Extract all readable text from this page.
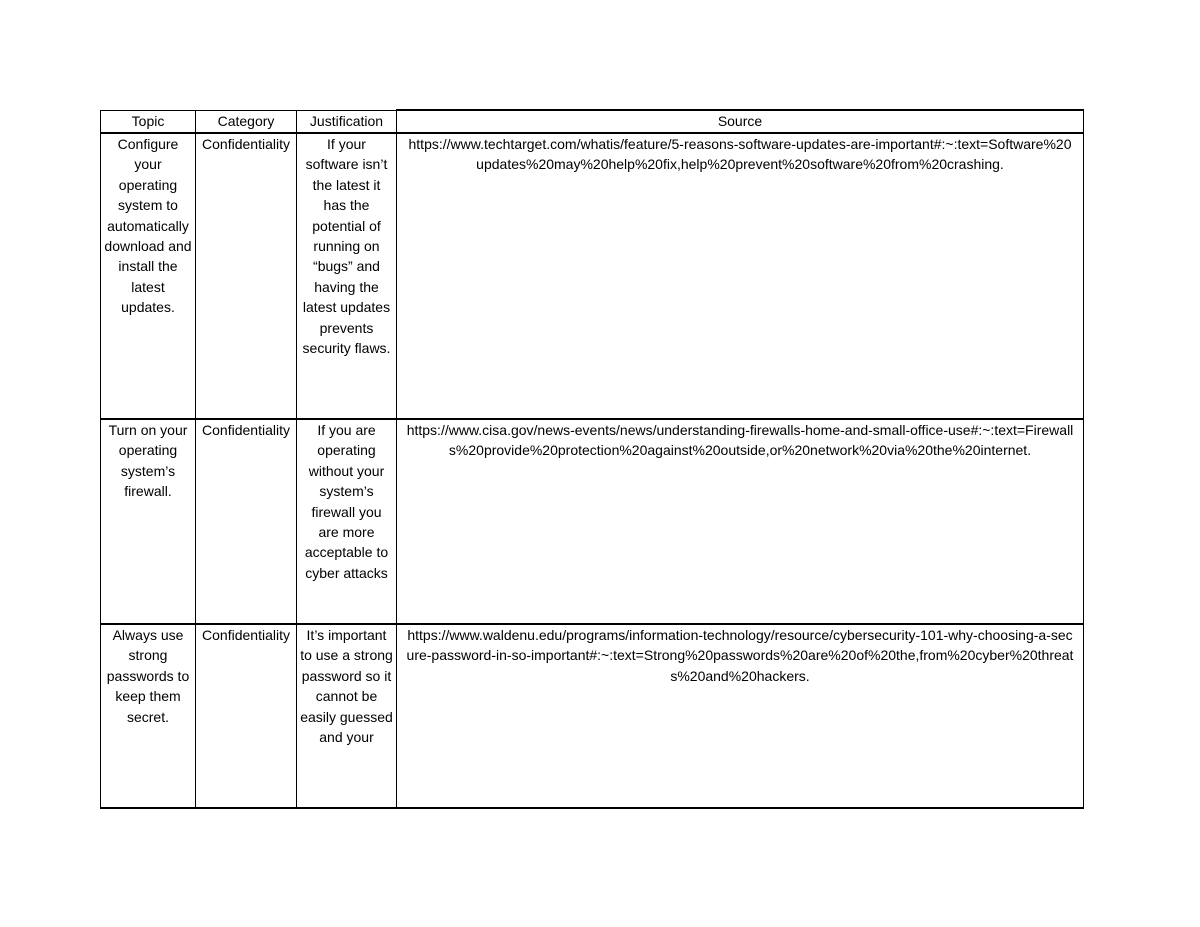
Topic	Category	Justification	Source

Configure your operating system to automatically download and install the latest updates.	Confidentiality	If your software isn’t the latest it has the potential of running on “bugs” and having the latest updates prevents security flaws.	https://www.techtarget.com/whatis/feature/5-reasons-software-updates-are-important#:~:text=Software%20updates%20may%20help%20fix,help%20prevent%20software%20from%20crashing.

Turn on your operating system’s firewall.	Confidentiality	If you are operating without your system’s firewall you are more acceptable to cyber attacks	https://www.cisa.gov/news-events/news/understanding-firewalls-home-and-small-office-use#:~:text=Firewalls%20provide%20protection%20against%20outside,or%20network%20via%20the%20internet.

Always use strong passwords to keep them secret.	Confidentiality	It’s important to use a strong password so it cannot be easily guessed and your	https://www.waldenu.edu/programs/information-technology/resource/cybersecurity-101-why-choosing-a-secure-password-in-so-important#:~:text=Strong%20passwords%20are%20of%20the,from%20cyber%20threats%20and%20hackers.
